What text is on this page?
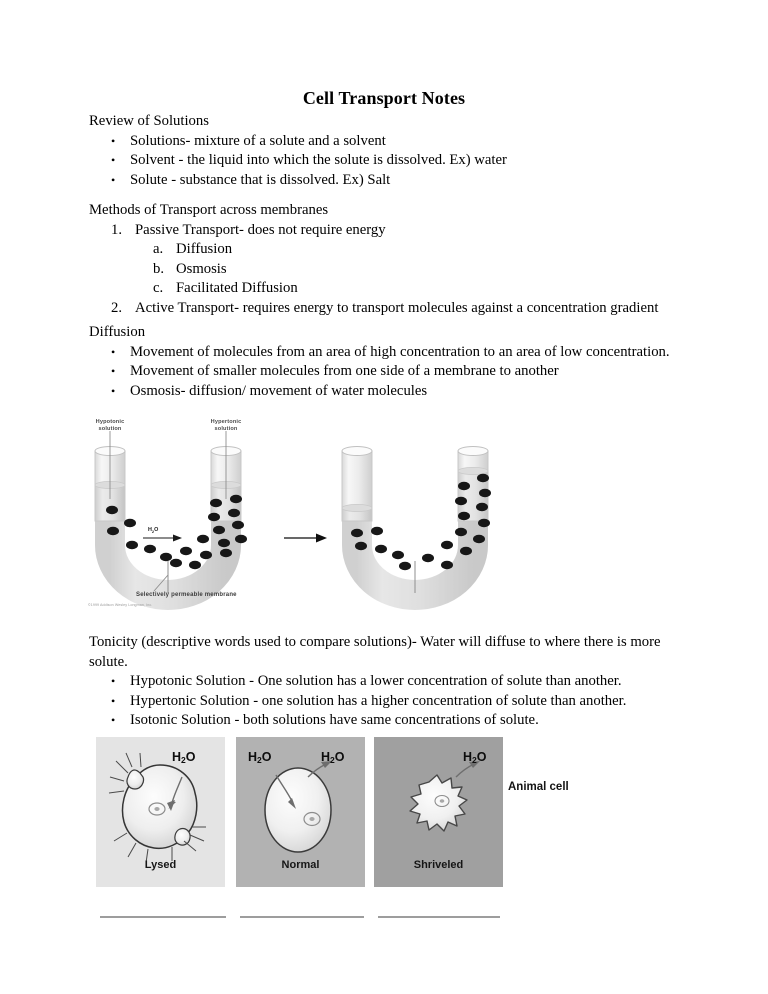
Cell Transport Notes
Review of Solutions
• Solutions- mixture of a solute and a solvent
• Solvent - the liquid into which the solute is dissolved. Ex) water
• Solute - substance that is dissolved. Ex) Salt
Methods of Transport across membranes
1. Passive Transport- does not require energy
a. Diffusion
b. Osmosis
c. Facilitated Diffusion
2. Active Transport- requires energy to transport molecules against a concentration gradient
Diffusion
• Movement of molecules from an area of high concentration to an area of low concentration.
• Movement of smaller molecules from one side of a membrane to another
• Osmosis- diffusion/ movement of water molecules
Hypotonic
solution
Hypertonic
solution
$H_2O$
Selectively permeable membrane
©1999 Addison Wesley Longman, Inc.
Tonicity (descriptive words used to compare solutions)- Water will diffuse to where there is more solute.
• Hypotonic Solution - One solution has a lower concentration of solute than another.
• Hypertonic Solution - one solution has a higher concentration of solute than another.
• Isotonic Solution - both solutions have same concentrations of solute.
$H_2O$
Lysed
$H_2O$	$H_2O$
Normal
$H_2O$
Shriveled
Animal cell
